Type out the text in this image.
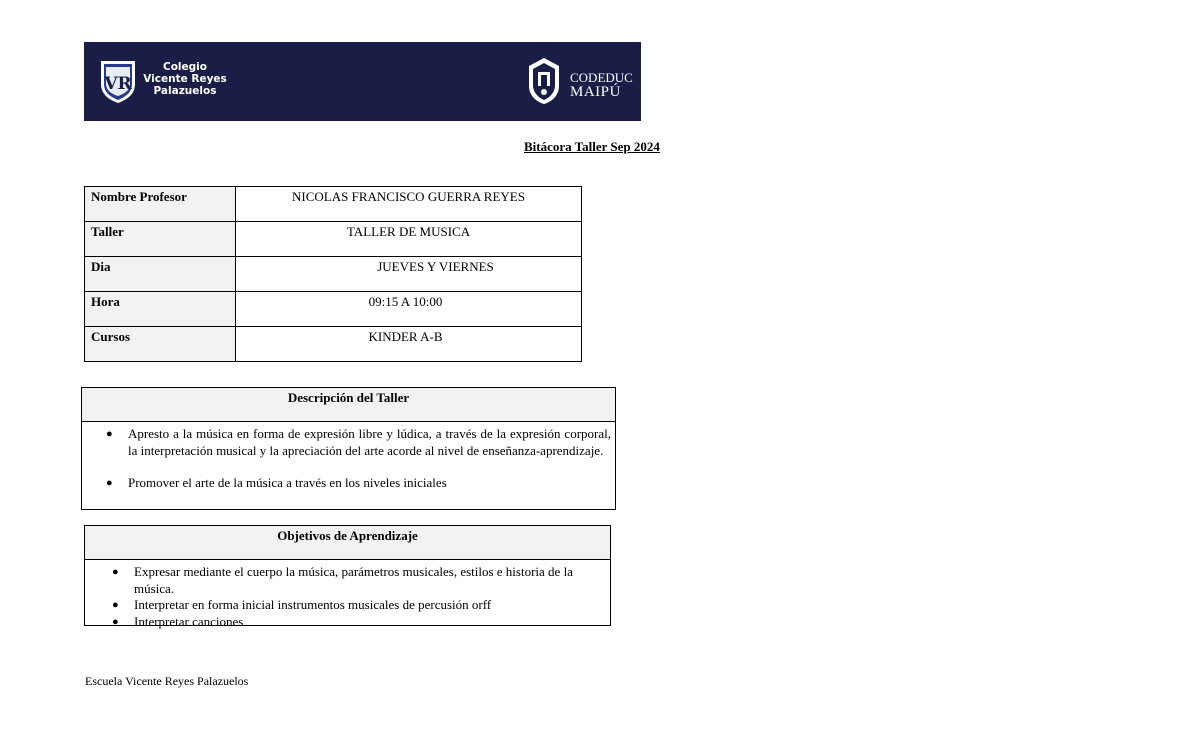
VR
Colegio
Vicente Reyes
Palazuelos
CODEDUC
MAIPÚ
Bitácora Taller Sep 2024
Nombre Profesor	NICOLAS FRANCISCO GUERRA REYES
Taller	TALLER DE MUSICA
Dia	JUEVES Y VIERNES
Hora	09:15 A 10:00
Cursos	KINDER A-B
Descripción del Taller
● Apresto a la música en forma de expresión libre y lúdica, a través de la expresión corporal, la interpretación musical y la apreciación del arte acorde al nivel de enseñanza-aprendizaje.
● Promover el arte de la música a través en los niveles iniciales
Objetivos de Aprendizaje
● Expresar mediante el cuerpo la música, parámetros musicales, estilos e historia de la música.
● Interpretar en forma inicial instrumentos musicales de percusión orff
● Interpretar canciones
Escuela Vicente Reyes Palazuelos
